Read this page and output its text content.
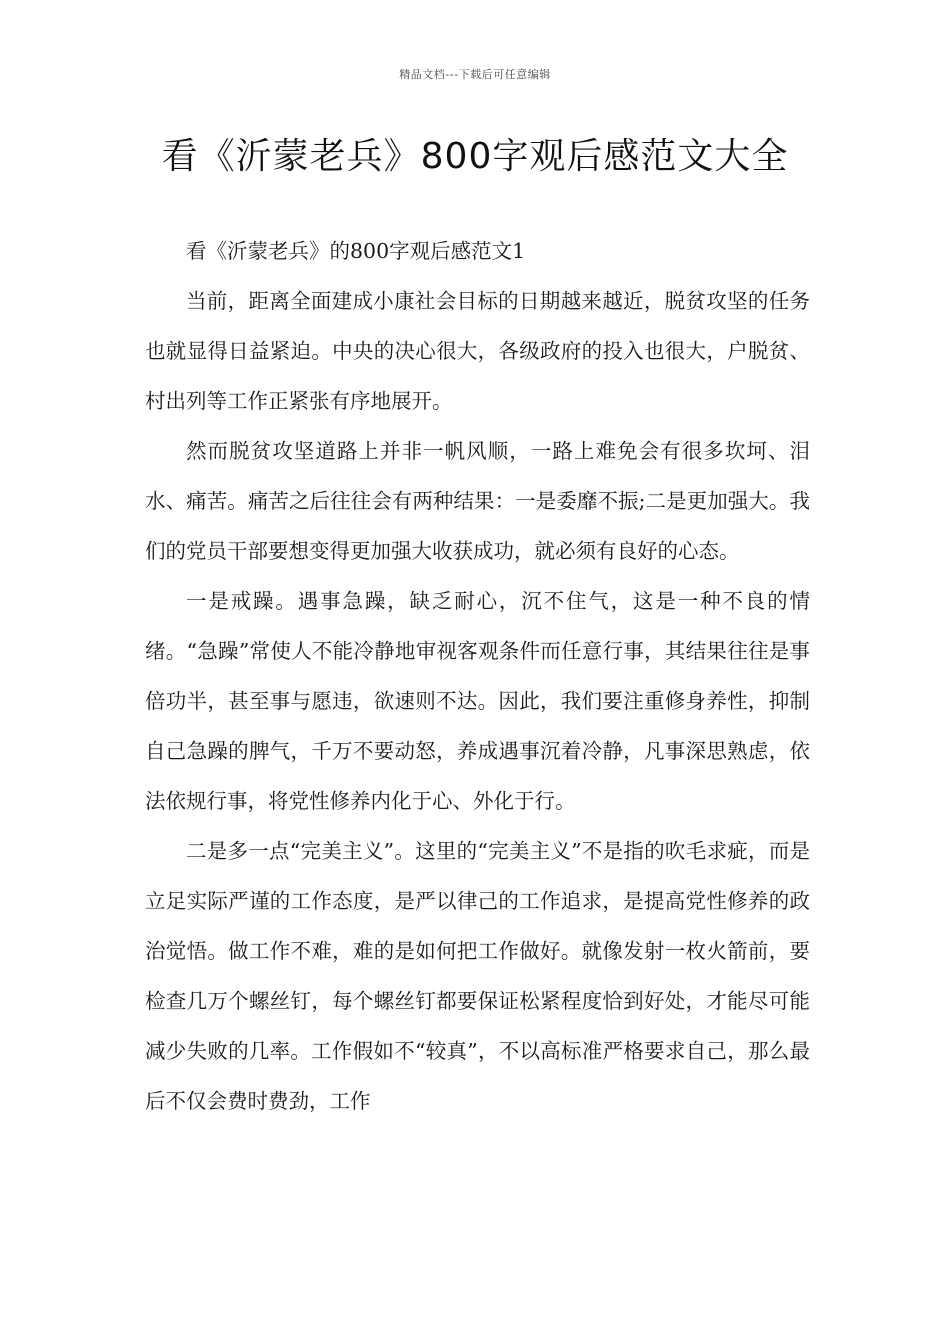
精品文档---下载后可任意编辑
看《沂蒙老兵》800字观后感范文大全

看《沂蒙老兵》的800字观后感范文1

当前，距离全面建成小康社会目标的日期越来越近，脱贫攻坚的任务也就显得日益紧迫。中央的决心很大，各级政府的投入也很大，户脱贫、村出列等工作正紧张有序地展开。

然而脱贫攻坚道路上并非一帆风顺，一路上难免会有很多坎坷、泪水、痛苦。痛苦之后往往会有两种结果：一是委靡不振;二是更加强大。我们的党员干部要想变得更加强大收获成功，就必须有良好的心态。

一是戒躁。遇事急躁，缺乏耐心，沉不住气，这是一种不良的情绪。“急躁”常使人不能冷静地审视客观条件而任意行事，其结果往往是事倍功半，甚至事与愿违，欲速则不达。因此，我们要注重修身养性，抑制自己急躁的脾气，千万不要动怒，养成遇事沉着冷静，凡事深思熟虑，依法依规行事，将党性修养内化于心、外化于行。

二是多一点“完美主义”。这里的“完美主义”不是指的吹毛求疵，而是立足实际严谨的工作态度，是严以律己的工作追求，是提高党性修养的政治觉悟。做工作不难，难的是如何把工作做好。就像发射一枚火箭前，要检查几万个螺丝钉，每个螺丝钉都要保证松紧程度恰到好处，才能尽可能减少失败的几率。工作假如不“较真”，不以高标准严格要求自己，那么最后不仅会费时费劲，工作
